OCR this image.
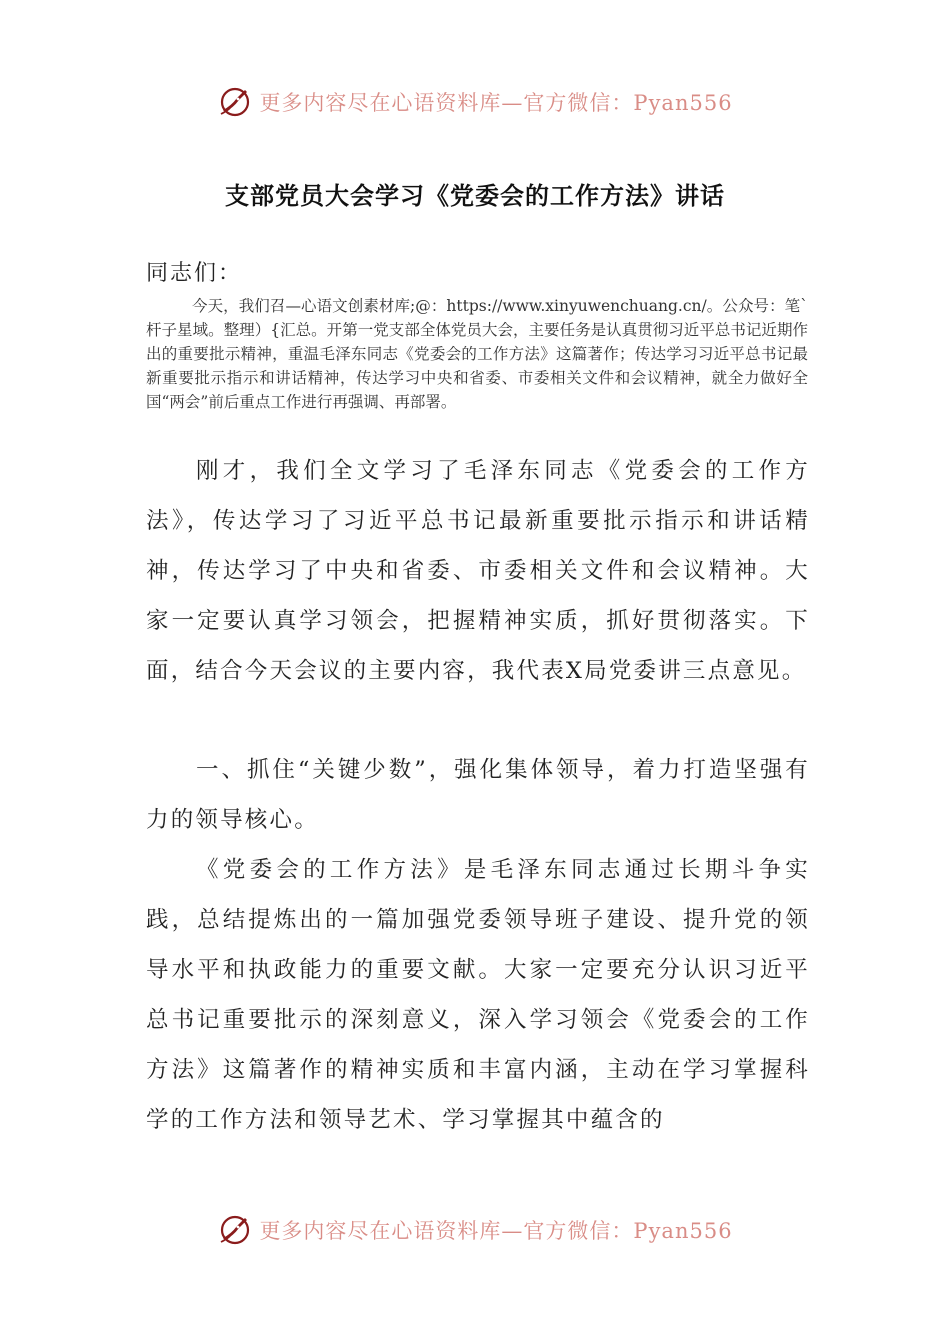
更多内容尽在心语资料库—官方微信：Pyan556
支部党员大会学习《党委会的工作方法》讲话
同志们：
今天，我们召—心语文创素材库;@：https://www.xinyuwenchuang.cn/。公众号：笔`杆子星域。整理）{汇总。开第一党支部全体党员大会，主要任务是认真贯彻习近平总书记近期作出的重要批示精神，重温毛泽东同志《党委会的工作方法》这篇著作；传达学习习近平总书记最新重要批示指示和讲话精神，传达学习中央和省委、市委相关文件和会议精神，就全力做好全国“两会”前后重点工作进行再强调、再部署。

刚才，我们全文学习了毛泽东同志《党委会的工作方法》，传达学习了习近平总书记最新重要批示指示和讲话精神，传达学习了中央和省委、市委相关文件和会议精神。大家一定要认真学习领会，把握精神实质，抓好贯彻落实。下面，结合今天会议的主要内容，我代表X局党委讲三点意见。

一、抓住“关键少数”，强化集体领导，着力打造坚强有力的领导核心。

《党委会的工作方法》是毛泽东同志通过长期斗争实践，总结提炼出的一篇加强党委领导班子建设、提升党的领导水平和执政能力的重要文献。大家一定要充分认识习近平总书记重要批示的深刻意义，深入学习领会《党委会的工作方法》这篇著作的精神实质和丰富内涵，主动在学习掌握科学的工作方法和领导艺术、学习掌握其中蕴含的

更多内容尽在心语资料库—官方微信：Pyan556
